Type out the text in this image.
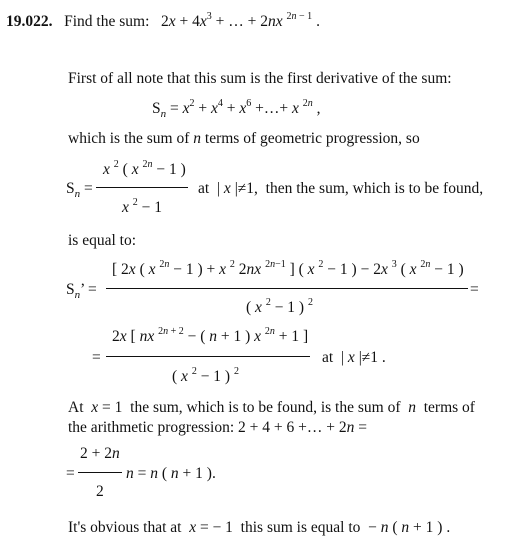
19.022. Find the sum: $2x + 4x^3$ + … + 2nx $^{2n - 1}$ .
First of all note that this sum is the first derivative of the sum:
$S_n = x^2 + x^4 + x^6$ +…+ x $^{2n}$ ,
which is the sum of n terms of geometric progression, so
$S_n$ =
x $^2$ ( x $^{2n}$ − 1 )
x $^2$ − 1
at  | x |≠1,  then the sum, which is to be found,
is equal to:
$S_n$’ =
[ 2x ( x $^{2n}$ − 1 ) + x $^2$ 2nx $^{2n-1}$ ] ( x $^2$ − 1 ) − 2x $^3$ ( x $^{2n}$ − 1 )
( x $^2$ − 1 ) $^2$
=
=
2x [ nx $^{2n + 2}$ − ( n + 1 ) x $^{2n}$ + 1 ]
( x $^2$ − 1 ) $^2$
at  | x |≠1 .
At  x = 1  the sum, which is to be found, is the sum of  n  terms of
the arithmetic progression: 2 + 4 + 6 +… + 2n =
=
2 + 2n
2
n = n ( n + 1 ).
It's obvious that at  x = − 1  this sum is equal to  − n ( n + 1 ) .
